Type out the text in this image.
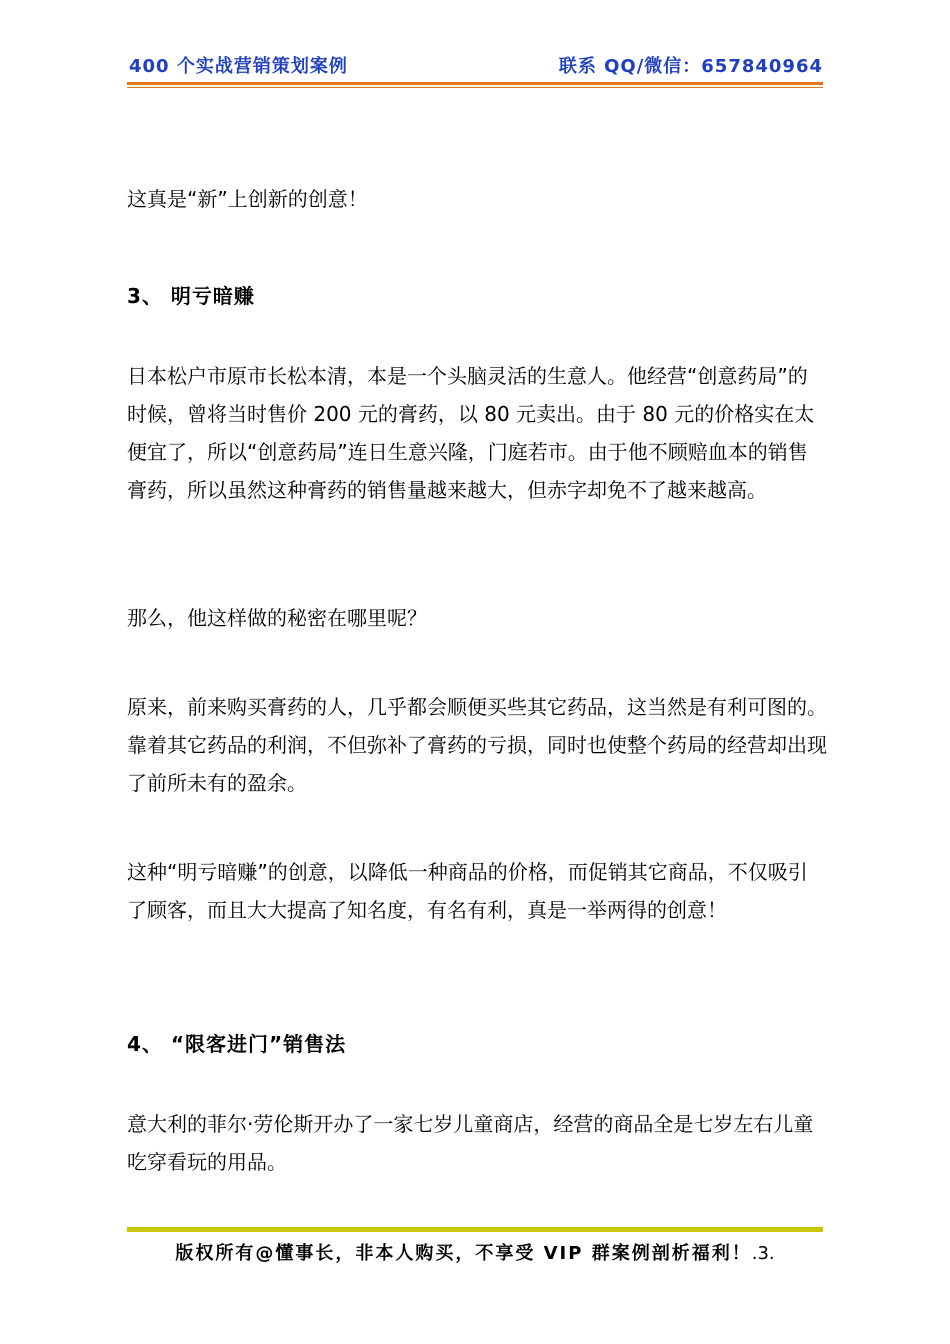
400 个实战营销策划案例	联系 QQ/微信：657840964

这真是“新”上创新的创意！

3、 明亏暗赚

日本松户市原市长松本清，本是一个头脑灵活的生意人。他经营“创意药局”的时候，曾将当时售价 200 元的膏药，以 80 元卖出。由于 80 元的价格实在太便宜了，所以“创意药局”连日生意兴隆，门庭若市。由于他不顾赔血本的销售膏药，所以虽然这种膏药的销售量越来越大，但赤字却免不了越来越高。

那么，他这样做的秘密在哪里呢？

原来，前来购买膏药的人，几乎都会顺便买些其它药品，这当然是有利可图的。靠着其它药品的利润，不但弥补了膏药的亏损，同时也使整个药局的经营却出现了前所未有的盈余。

这种“明亏暗赚”的创意，以降低一种商品的价格，而促销其它商品，不仅吸引了顾客，而且大大提高了知名度，有名有利，真是一举两得的创意！

4、 “限客进门”销售法

意大利的菲尔·劳伦斯开办了一家七岁儿童商店，经营的商品全是七岁左右儿童吃穿看玩的用品。

版权所有@懂事长，非本人购买，不享受 VIP 群案例剖析福利！.3.
